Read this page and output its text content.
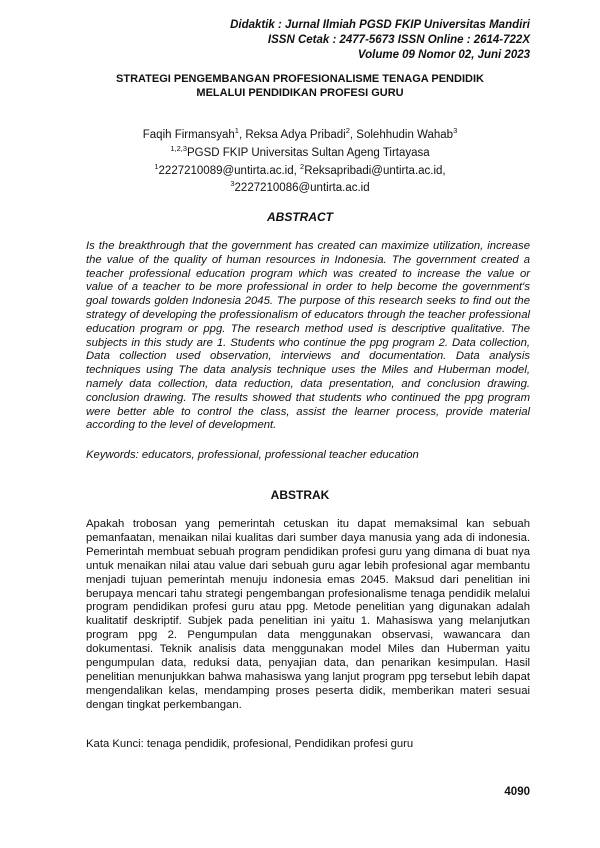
Didaktik : Jurnal Ilmiah PGSD FKIP Universitas Mandiri
ISSN Cetak : 2477-5673 ISSN Online : 2614-722X
Volume 09 Nomor 02, Juni 2023
STRATEGI PENGEMBANGAN PROFESIONALISME TENAGA PENDIDIK
MELALUI PENDIDIKAN PROFESI GURU
Faqih Firmansyah$^1$, Reksa Adya Pribadi$^2$, Solehhudin Wahab$^3$
$^{1,2,3}$PGSD FKIP Universitas Sultan Ageng Tirtayasa
$^1$2227210089@untirta.ac.id, $^2$Reksapribadi@untirta.ac.id,
$^3$2227210086@untirta.ac.id
ABSTRACT

Is the breakthrough that the government has created can maximize utilization, increase the value of the quality of human resources in Indonesia. The government created a teacher professional education program which was created to increase the value or value of a teacher to be more professional in order to help become the government's goal towards golden Indonesia 2045. The purpose of this research seeks to find out the strategy of developing the professionalism of educators through the teacher professional education program or ppg. The research method used is descriptive qualitative. The subjects in this study are 1. Students who continue the ppg program 2. Data collection, Data collection used observation, interviews and documentation. Data analysis techniques using The data analysis technique uses the Miles and Huberman model, namely data collection, data reduction, data presentation, and conclusion drawing. conclusion drawing. The results showed that students who continued the ppg program were better able to control the class, assist the learner process, provide material according to the level of development.

Keywords: educators, professional, professional teacher education

ABSTRAK

Apakah trobosan yang pemerintah cetuskan itu dapat memaksimal kan sebuah pemanfaatan, menaikan nilai kualitas dari sumber daya manusia yang ada di indonesia. Pemerintah membuat sebuah program pendidikan profesi guru yang dimana di buat nya untuk menaikan nilai atau value dari sebuah guru agar lebih profesional agar membantu menjadi tujuan pemerintah menuju indonesia emas 2045. Maksud dari penelitian ini berupaya mencari tahu strategi pengembangan profesionalisme tenaga pendidik melalui program pendidikan profesi guru atau ppg. Metode penelitian yang digunakan adalah kualitatif deskriptif. Subjek pada penelitian ini yaitu 1. Mahasiswa yang melanjutkan program ppg 2. Pengumpulan data menggunakan observasi, wawancara dan dokumentasi. Teknik analisis data menggunakan model Miles dan Huberman yaitu pengumpulan data, reduksi data, penyajian data, dan penarikan kesimpulan. Hasil penelitian menunjukkan bahwa mahasiswa yang lanjut program ppg tersebut lebih dapat mengendalikan kelas, mendamping proses peserta didik, memberikan materi sesuai dengan tingkat perkembangan.

Kata Kunci: tenaga pendidik, profesional, Pendidikan profesi guru

4090
